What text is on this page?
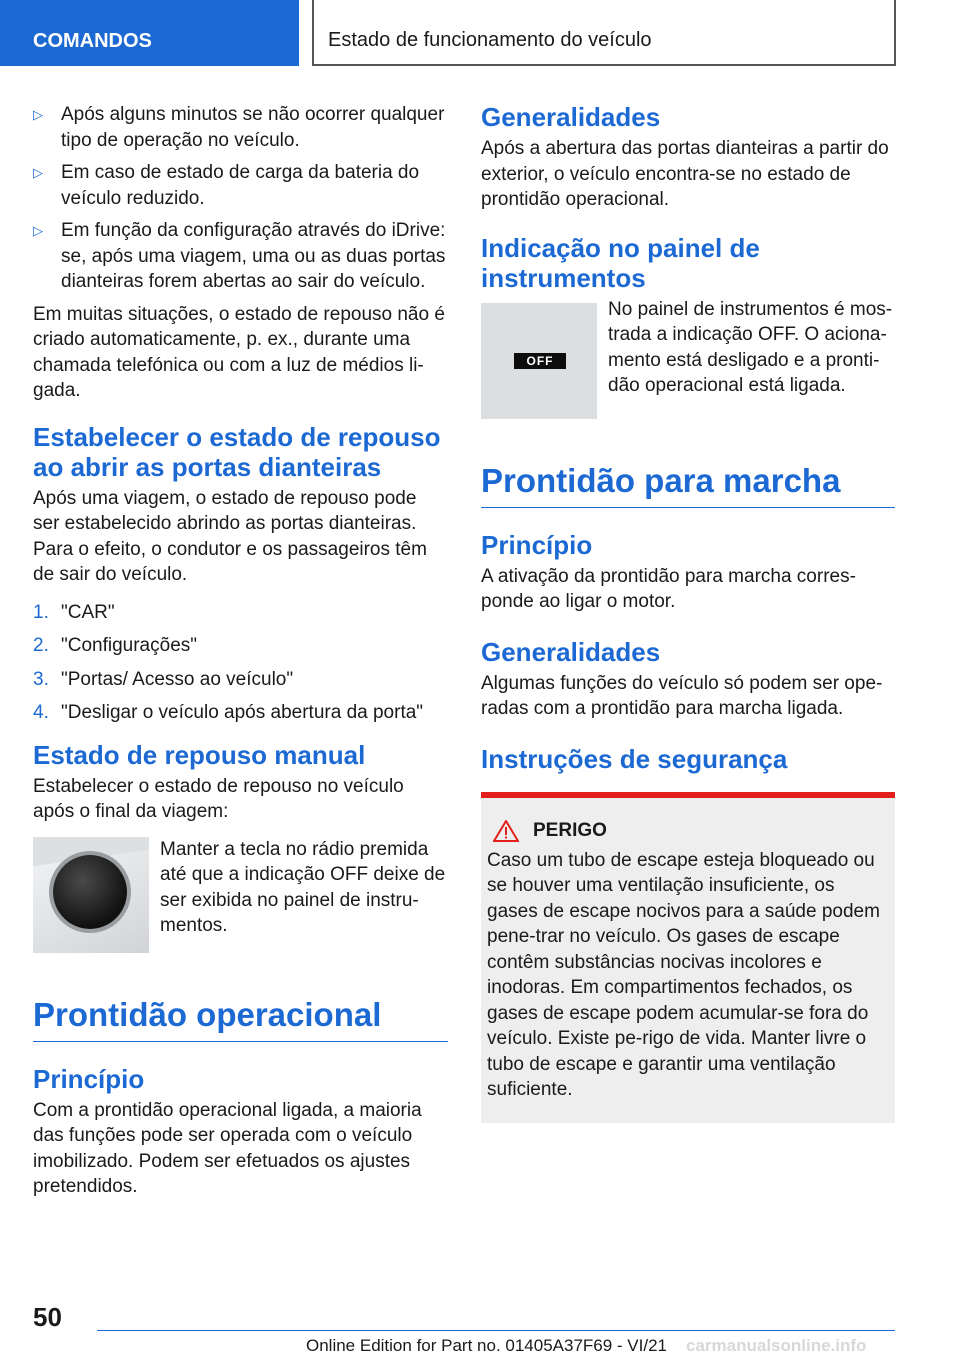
COMANDOS	Estado de funcionamento do veículo
▷ Após alguns minutos se não ocorrer qualquer tipo de operação no veículo.
▷ Em caso de estado de carga da bateria do veículo reduzido.
▷ Em função da configuração através do iDrive: se, após uma viagem, uma ou as duas portas dianteiras forem abertas ao sair do veículo.

Em muitas situações, o estado de repouso não é criado automaticamente, p. ex., durante uma chamada telefónica ou com a luz de médios li-gada.

Estabelecer o estado de repouso ao abrir as portas dianteiras

Após uma viagem, o estado de repouso pode ser estabelecido abrindo as portas dianteiras. Para o efeito, o condutor e os passageiros têm de sair do veículo.

1. "CAR"
2. "Configurações"
3. "Portas/ Acesso ao veículo"
4. "Desligar o veículo após abertura da porta"
Estado de repouso manual

Estabelecer o estado de repouso no veículo após o final da viagem:

Manter a tecla no rádio premida até que a indicação OFF deixe de ser exibida no painel de instru-mentos.
Prontidão operacional
Princípio

Com a prontidão operacional ligada, a maioria das funções pode ser operada com o veículo imobilizado. Podem ser efetuados os ajustes pretendidos.

Generalidades

Após a abertura das portas dianteiras a partir do exterior, o veículo encontra-se no estado de prontidão operacional.

Indicação no painel de instrumentos
OFF
No painel de instrumentos é mos-trada a indicação OFF. O aciona-mento está desligado e a pronti-dão operacional está ligada.
Prontidão para marcha
Princípio

A ativação da prontidão para marcha corres-ponde ao ligar o motor.

Generalidades

Algumas funções do veículo só podem ser ope-radas com a prontidão para marcha ligada.

Instruções de segurança
PERIGO

Caso um tubo de escape esteja bloqueado ou se houver uma ventilação insuficiente, os gases de escape nocivos para a saúde podem pene-trar no veículo. Os gases de escape contêm substâncias nocivas incolores e inodoras. Em compartimentos fechados, os gases de escape podem acumular-se fora do veículo. Existe pe-rigo de vida. Manter livre o tubo de escape e garantir uma ventilação suficiente.

50
Online Edition for Part no. 01405A37F69 - VI/21 carmanualsonline.info
